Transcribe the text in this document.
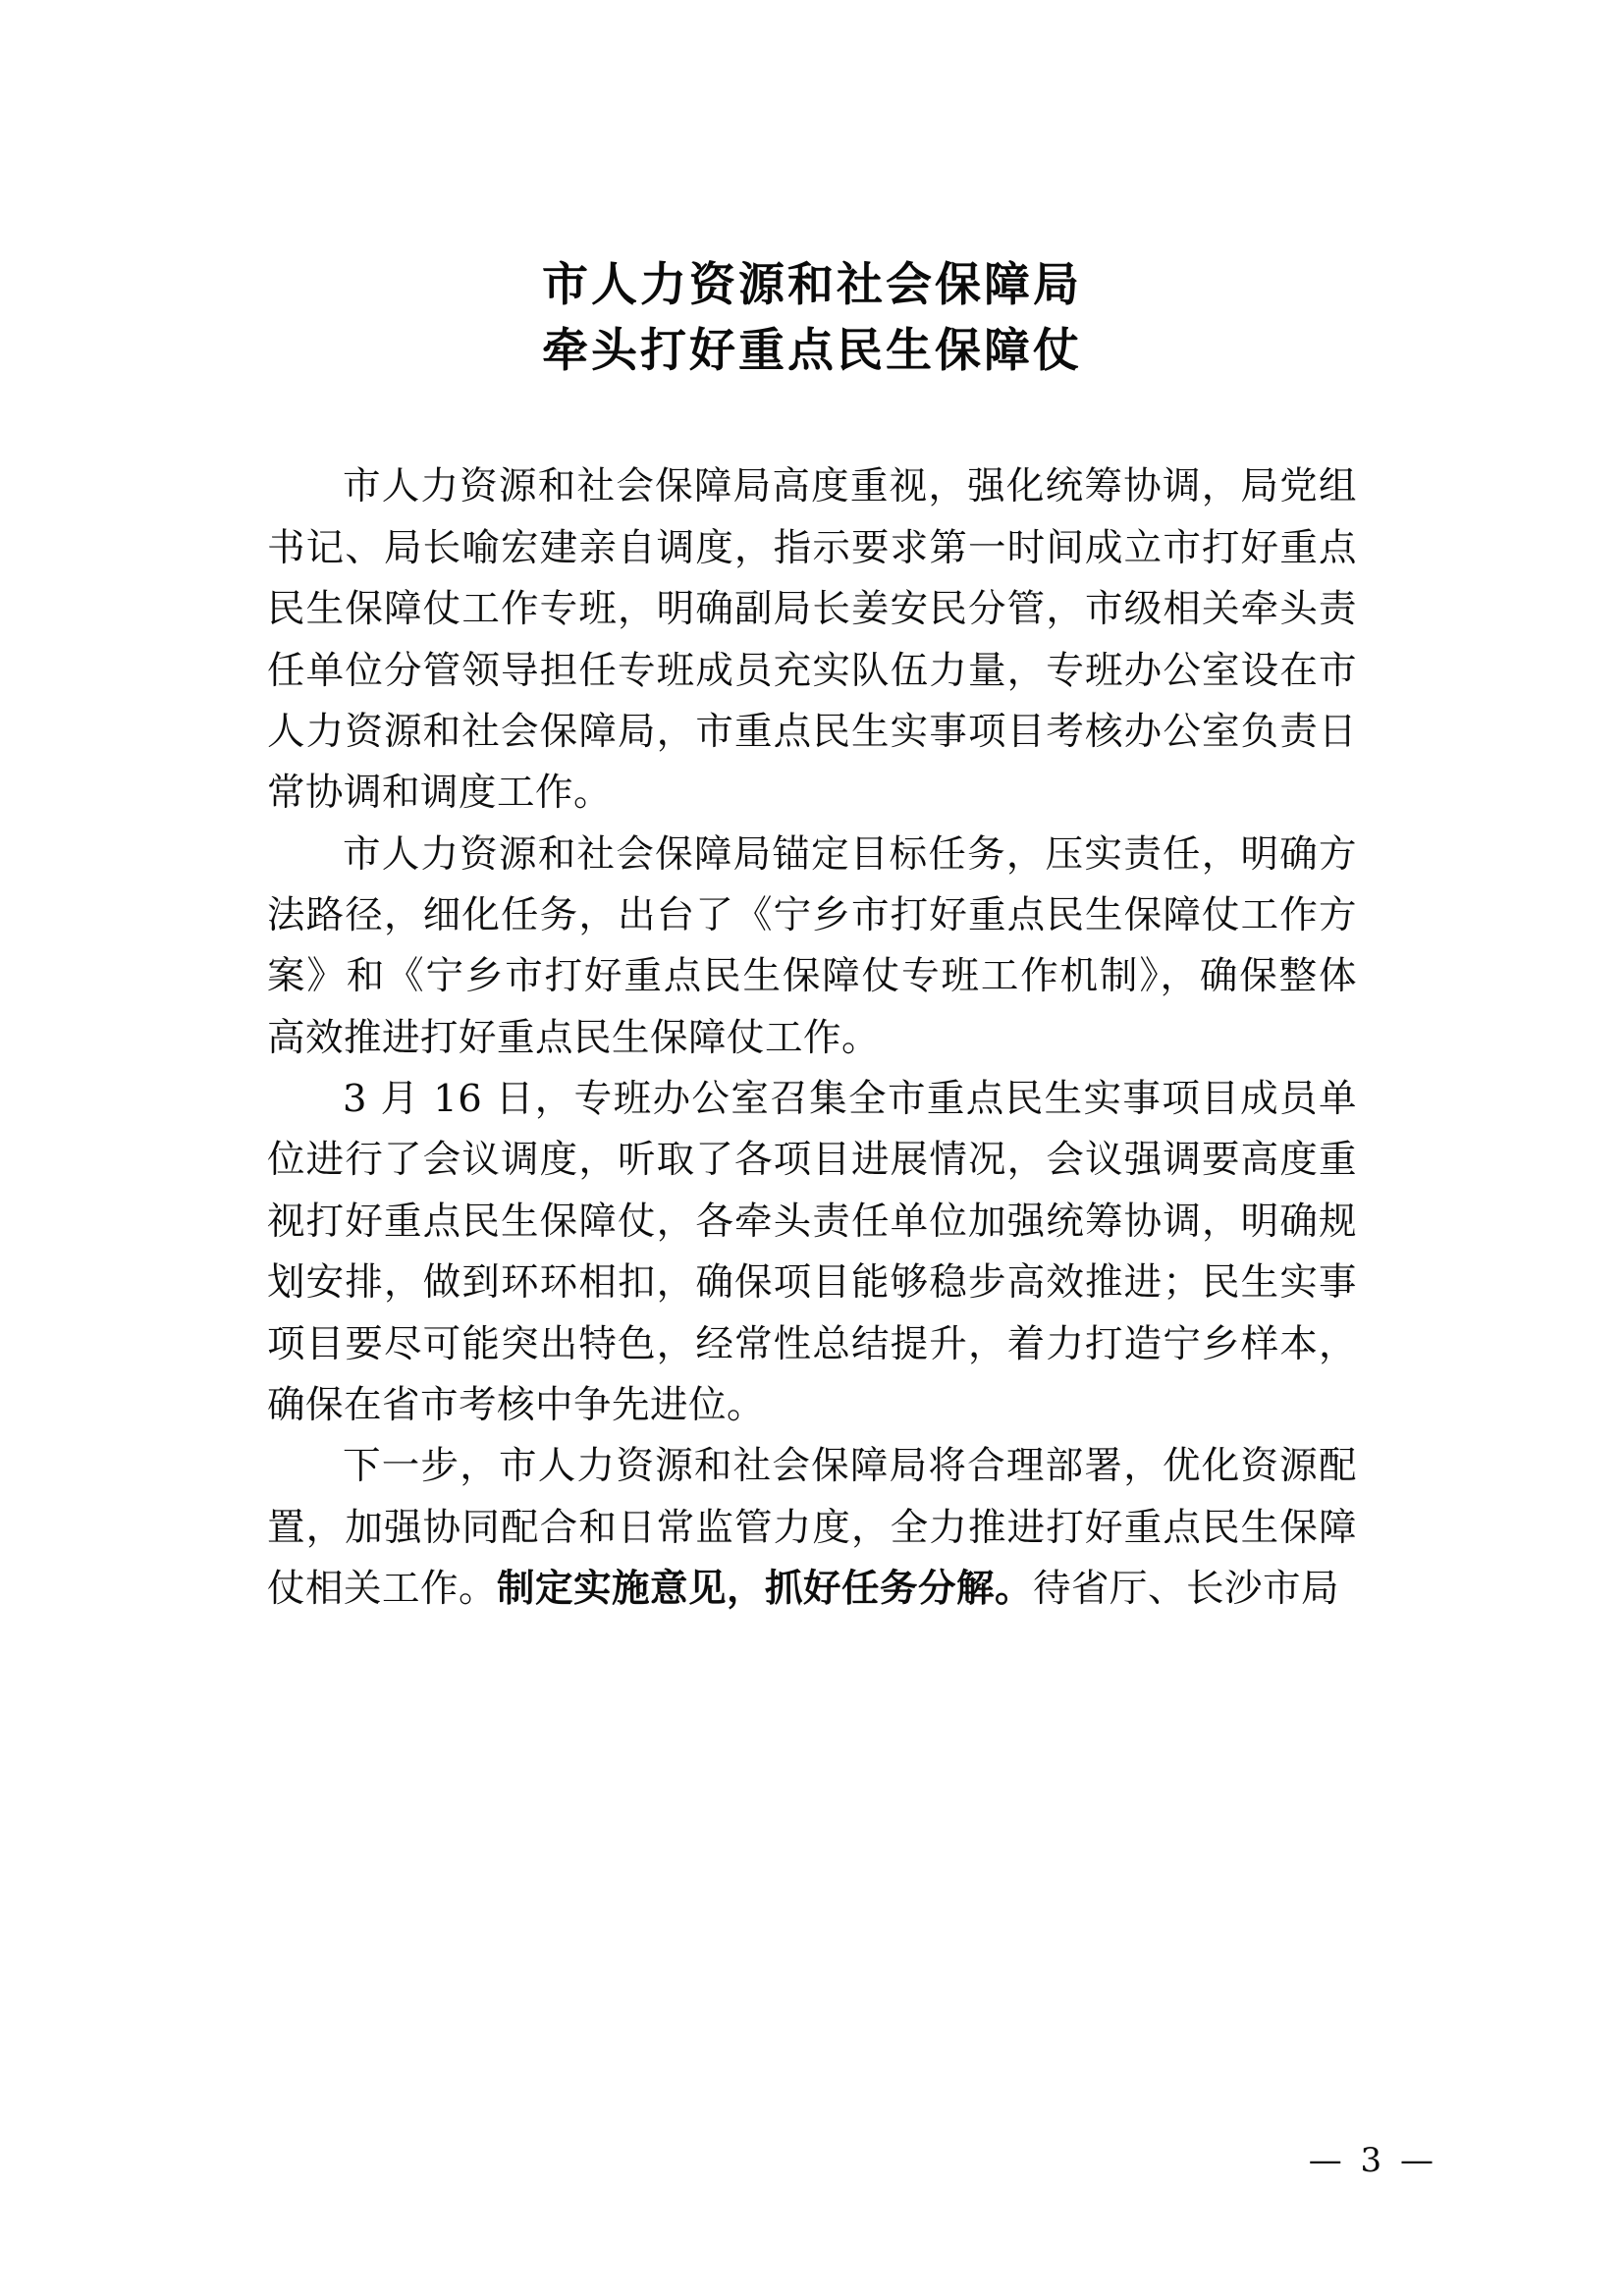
市人力资源和社会保障局
牵头打好重点民生保障仗

市人力资源和社会保障局高度重视，强化统筹协调，局党组书记、局长喻宏建亲自调度，指示要求第一时间成立市打好重点民生保障仗工作专班，明确副局长姜安民分管，市级相关牵头责任单位分管领导担任专班成员充实队伍力量，专班办公室设在市人力资源和社会保障局，市重点民生实事项目考核办公室负责日常协调和调度工作。

市人力资源和社会保障局锚定目标任务，压实责任，明确方法路径，细化任务，出台了《宁乡市打好重点民生保障仗工作方案》和《宁乡市打好重点民生保障仗专班工作机制》，确保整体高效推进打好重点民生保障仗工作。

3 月 16 日，专班办公室召集全市重点民生实事项目成员单位进行了会议调度，听取了各项目进展情况，会议强调要高度重视打好重点民生保障仗，各牵头责任单位加强统筹协调，明确规划安排，做到环环相扣，确保项目能够稳步高效推进；民生实事项目要尽可能突出特色，经常性总结提升，着力打造宁乡样本，确保在省市考核中争先进位。

下一步，市人力资源和社会保障局将合理部署，优化资源配置，加强协同配合和日常监管力度，全力推进打好重点民生保障仗相关工作。制定实施意见，抓好任务分解。待省厅、长沙市局

— 3 —
